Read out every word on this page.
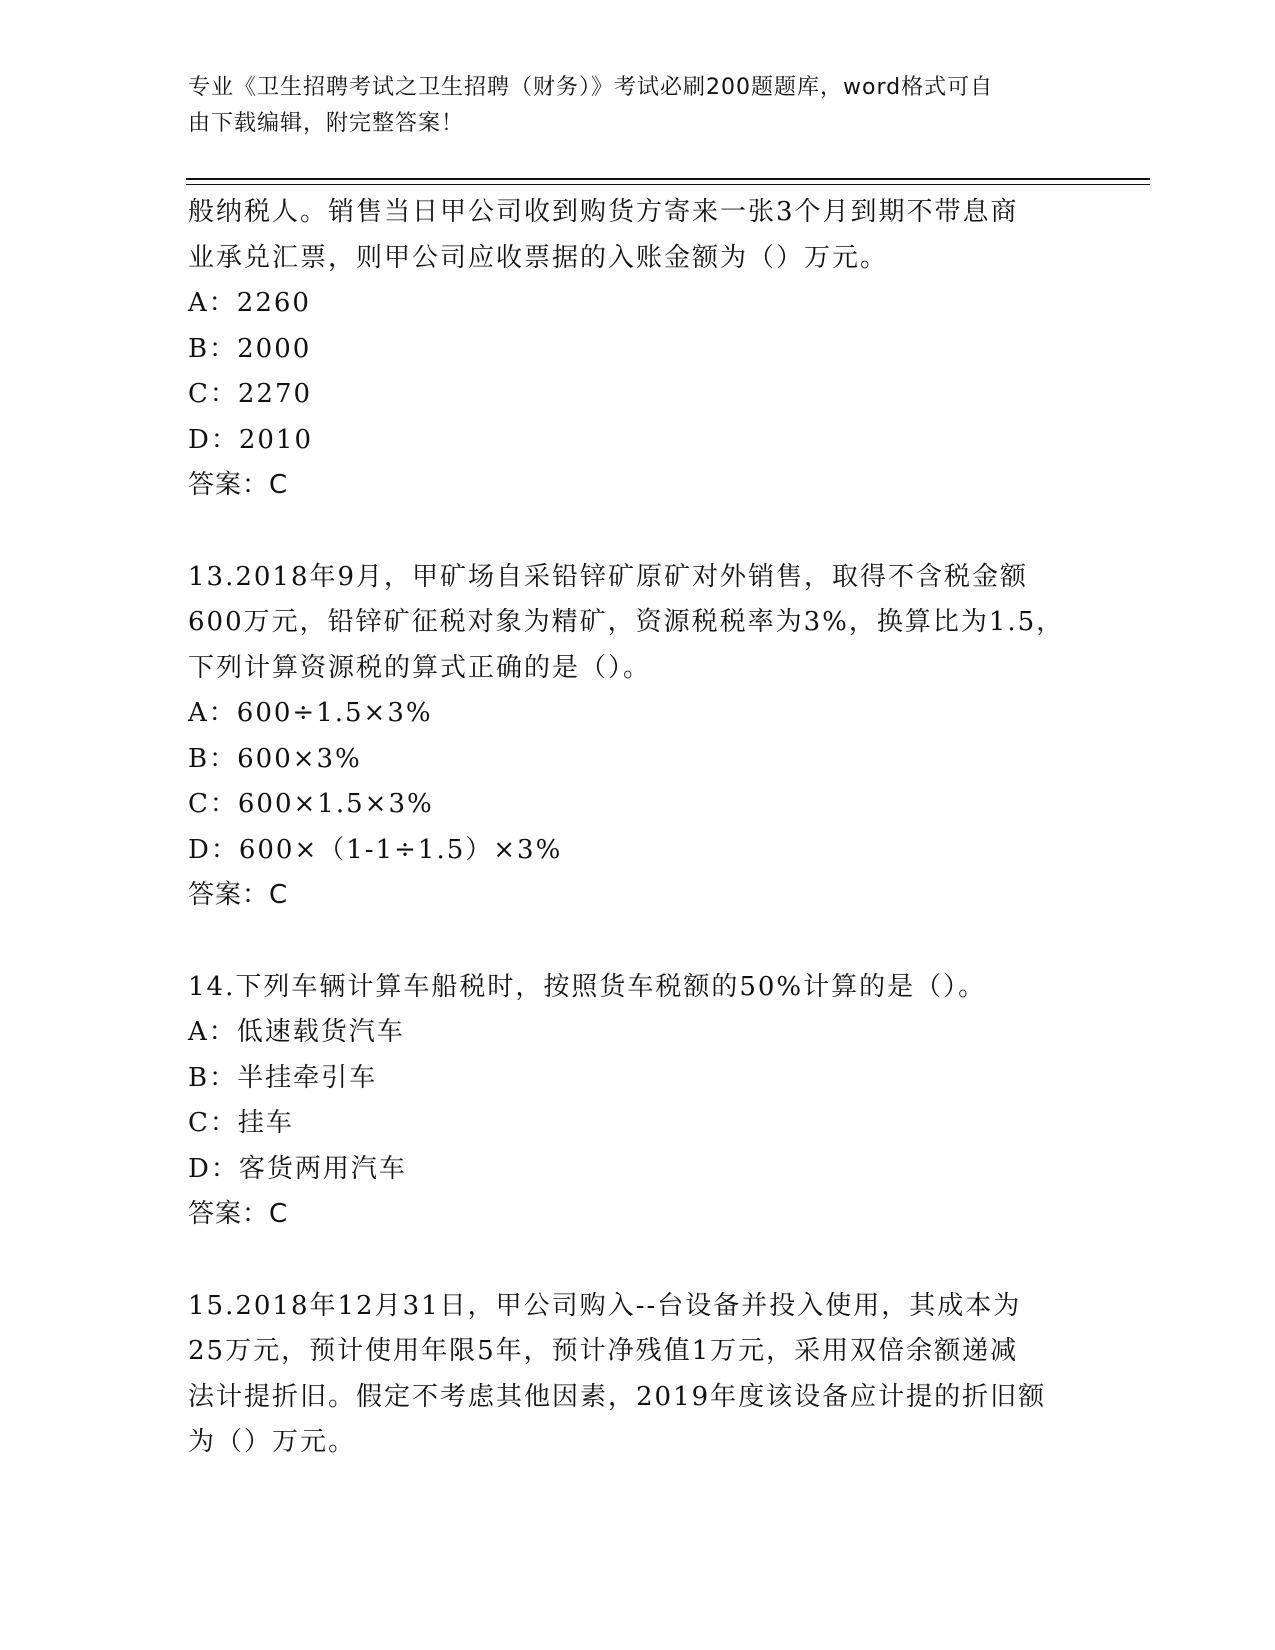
专业《卫生招聘考试之卫生招聘（财务）》考试必刷200题题库，word格式可自
由下载编辑，附完整答案！
般纳税人。销售当日甲公司收到购货方寄来一张3个月到期不带息商
业承兑汇票，则甲公司应收票据的入账金额为（）万元。
A：2260
B：2000
C：2270
D：2010
答案：C
13.2018年9月，甲矿场自采铅锌矿原矿对外销售，取得不含税金额
600万元，铅锌矿征税对象为精矿，资源税税率为3%，换算比为1.5，
下列计算资源税的算式正确的是（）。
A：600÷1.5×3%
B：600×3%
C：600×1.5×3%
D：600×（1-1÷1.5）×3%
答案：C
14.下列车辆计算车船税时，按照货车税额的50%计算的是（）。
A：低速载货汽车
B：半挂牵引车
C：挂车
D：客货两用汽车
答案：C
15.2018年12月31日，甲公司购入--台设备并投入使用，其成本为
25万元，预计使用年限5年，预计净残值1万元，采用双倍余额递减
法计提折旧。假定不考虑其他因素，2019年度该设备应计提的折旧额
为（）万元。
